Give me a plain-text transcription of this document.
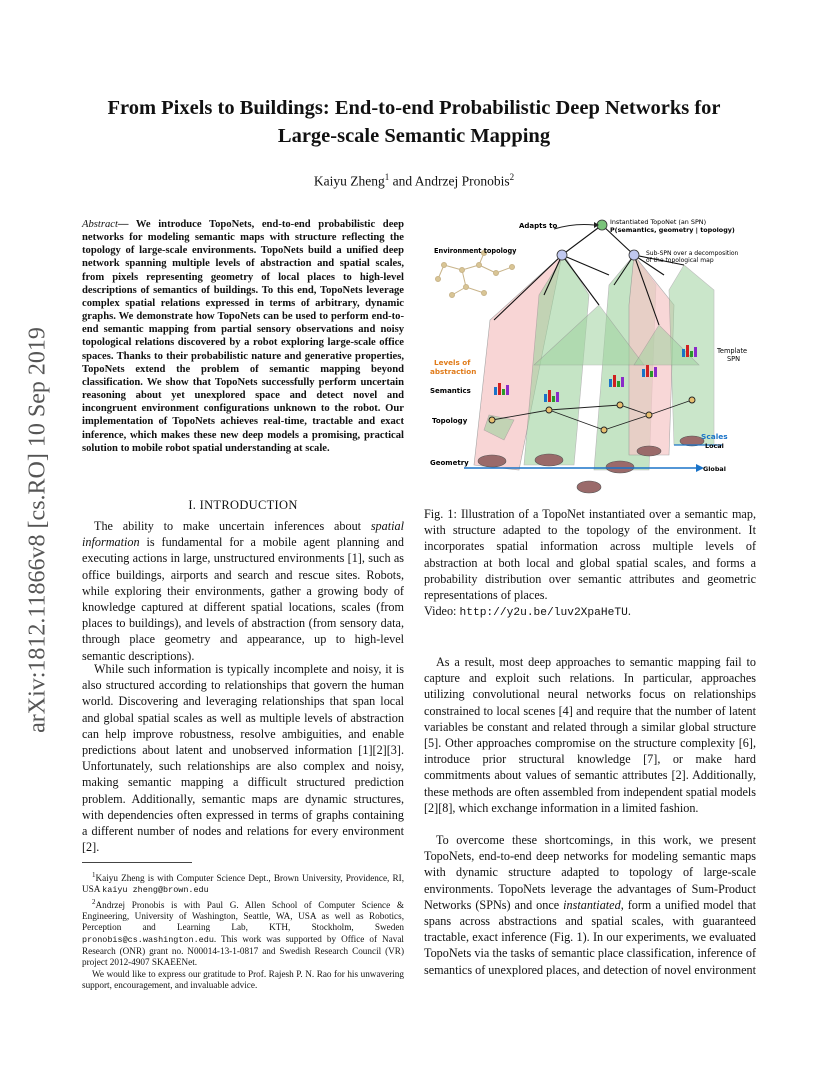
From Pixels to Buildings: End-to-end Probabilistic Deep Networks for
Large-scale Semantic Mapping
Kaiyu Zheng$^1$ and Andrzej Pronobis$^2$
arXiv:1812.11866v8 [cs.RO] 10 Sep 2019
Abstract— We introduce TopoNets, end-to-end probabilistic deep networks for modeling semantic maps with structure reflecting the topology of large-scale environments. TopoNets build a unified deep network spanning multiple levels of abstraction and spatial scales, from pixels representing geometry of local places to high-level descriptions of semantics of buildings. To this end, TopoNets leverage complex spatial relations expressed in terms of arbitrary, dynamic graphs. We demonstrate how TopoNets can be used to perform end-to-end semantic mapping from partial sensory observations and noisy topological relations discovered by a robot exploring large-scale office spaces. Thanks to their probabilistic nature and generative properties, TopoNets extend the problem of semantic mapping beyond classification. We show that TopoNets successfully perform uncertain reasoning about yet unexplored space and detect novel and incongruent environment configurations unknown to the robot. Our implementation of TopoNets achieves real-time, tractable and exact inference, which makes these new deep models a promising, practical solution to mobile robot spatial understanding at scale.
I. INTRODUCTION

The ability to make uncertain inferences about spatial information is fundamental for a mobile agent planning and executing actions in large, unstructured environments [1], such as office buildings, airports and search and rescue sites. Robots, while exploring their environments, gather a growing body of knowledge captured at different spatial locations, scales (from places to buildings), and levels of abstraction (from sensory data, through place geometry and appearance, up to high-level semantic descriptions).

While such information is typically incomplete and noisy, it is also structured according to relationships that govern the human world. Discovering and leveraging relationships that span local and global spatial scales as well as multiple levels of abstraction can help improve robustness, resolve ambiguities, and enable predictions about latent and unobserved information [1][2][3]. Unfortunately, such relationships are also complex and noisy, making semantic mapping a difficult structured prediction problem. Additionally, semantic maps are dynamic structures, with dependencies often expressed in terms of graphs containing a different number of nodes and relations for every environment [2].

$^1$Kaiyu Zheng is with Computer Science Dept., Brown University, Providence, RI, USA kaiyu zheng@brown.edu

$^2$Andrzej Pronobis is with Paul G. Allen School of Computer Science & Engineering, University of Washington, Seattle, WA, USA as well as Robotics, Perception and Learning Lab, KTH, Stockholm, Sweden pronobis@cs.washington.edu. This work was supported by Office of Naval Research (ONR) grant no. N00014-13-1-0817 and Swedish Research Council (VR) project 2012-4907 SKAEENet.

We would like to express our gratitude to Prof. Rajesh P. N. Rao for his unwavering support, encouragement, and invaluable advice.

Adapts to	Instantiated TopoNet (an SPN)
P(semantics, geometry | topology)
Environment topology	Sub-SPN over a decomposition
of the topological map
Levels of
abstraction
Semantics
Topology
Geometry
Template
SPN
Scales
Local
Global
Fig. 1: Illustration of a TopoNet instantiated over a semantic map, with structure adapted to the topology of the environment. It incorporates spatial information across multiple levels of abstraction at both local and global spatial scales, and forms a probability distribution over semantic attributes and geometric representations of places.
Video: http://y2u.be/luv2XpaHeTU.

As a result, most deep approaches to semantic mapping fail to capture and exploit such relations. In particular, approaches utilizing convolutional neural networks focus on relationships constrained to local scenes [4] and require that the number of latent variables be constant and related through a similar global structure [5]. Other approaches compromise on the structure complexity [6], introduce prior structural knowledge [7], or make hard commitments about values of semantic attributes [2]. Additionally, these methods are often assembled from independent spatial models [2][8], which exchange information in a limited fashion.

To overcome these shortcomings, in this work, we present TopoNets, end-to-end deep networks for modeling semantic maps with dynamic structure adapted to topology of large-scale environments. TopoNets leverage the advantages of Sum-Product Networks (SPNs) and once instantiated, form a unified model that spans across abstractions and spatial scales, with guaranteed tractable, exact inference (Fig. 1). In our experiments, we evaluated TopoNets via the tasks of semantic place classification, inference of semantics of unexplored places, and detection of novel environment
